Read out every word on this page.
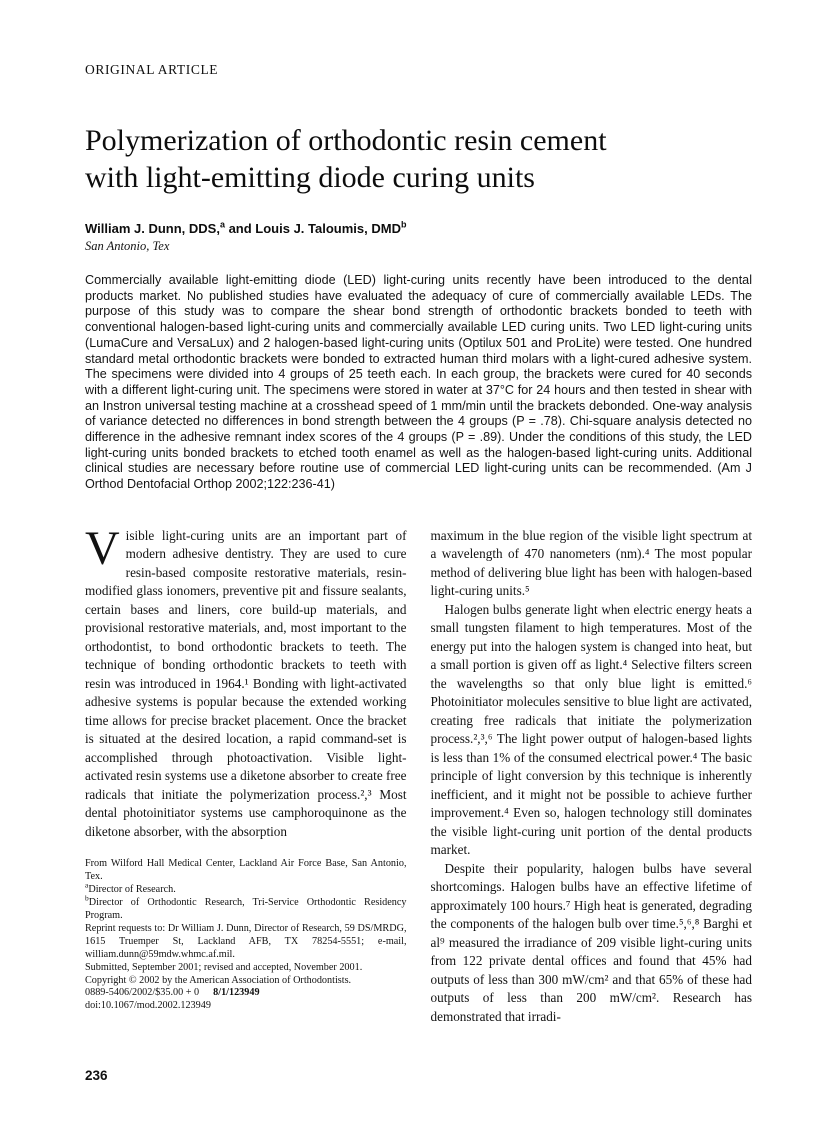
ORIGINAL ARTICLE
Polymerization of orthodontic resin cement
with light-emitting diode curing units
William J. Dunn, DDS,$^a$ and Louis J. Taloumis, DMD$^b$
San Antonio, Tex

Commercially available light-emitting diode (LED) light-curing units recently have been introduced to the dental products market. No published studies have evaluated the adequacy of cure of commercially available LEDs. The purpose of this study was to compare the shear bond strength of orthodontic brackets bonded to teeth with conventional halogen-based light-curing units and commercially available LED curing units. Two LED light-curing units (LumaCure and VersaLux) and 2 halogen-based light-curing units (Optilux 501 and ProLite) were tested. One hundred standard metal orthodontic brackets were bonded to extracted human third molars with a light-cured adhesive system. The specimens were divided into 4 groups of 25 teeth each. In each group, the brackets were cured for 40 seconds with a different light-curing unit. The specimens were stored in water at 37°C for 24 hours and then tested in shear with an Instron universal testing machine at a crosshead speed of 1 mm/min until the brackets debonded. One-way analysis of variance detected no differences in bond strength between the 4 groups (P = .78). Chi-square analysis detected no difference in the adhesive remnant index scores of the 4 groups (P = .89). Under the conditions of this study, the LED light-curing units bonded brackets to etched tooth enamel as well as the halogen-based light-curing units. Additional clinical studies are necessary before routine use of commercial LED light-curing units can be recommended. (Am J Orthod Dentofacial Orthop 2002;122:236-41)

Visible light-curing units are an important part of modern adhesive dentistry. They are used to cure resin-based composite restorative materials, resin-modified glass ionomers, preventive pit and fissure sealants, certain bases and liners, core build-up materials, and provisional restorative materials, and, most important to the orthodontist, to bond orthodontic brackets to teeth. The technique of bonding orthodontic brackets to teeth with resin was introduced in 1964.¹ Bonding with light-activated adhesive systems is popular because the extended working time allows for precise bracket placement. Once the bracket is situated at the desired location, a rapid command-set is accomplished through photoactivation. Visible light-activated resin systems use a diketone absorber to create free radicals that initiate the polymerization process.²,³ Most dental photoinitiator systems use camphoroquinone as the diketone absorber, with the absorption

From Wilford Hall Medical Center, Lackland Air Force Base, San Antonio, Tex.

$^a$Director of Research.

$^b$Director of Orthodontic Research, Tri-Service Orthodontic Residency Program.

Reprint requests to: Dr William J. Dunn, Director of Research, 59 DS/MRDG, 1615 Truemper St, Lackland AFB, TX 78254-5551; e-mail, william.dunn@59mdw.whmc.af.mil.

Submitted, September 2001; revised and accepted, November 2001.

Copyright © 2002 by the American Association of Orthodontists.

0889-5406/2002/$35.00 + 0 8/1/123949

doi:10.1067/mod.2002.123949

maximum in the blue region of the visible light spectrum at a wavelength of 470 nanometers (nm).⁴ The most popular method of delivering blue light has been with halogen-based light-curing units.⁵

Halogen bulbs generate light when electric energy heats a small tungsten filament to high temperatures. Most of the energy put into the halogen system is changed into heat, but a small portion is given off as light.⁴ Selective filters screen the wavelengths so that only blue light is emitted.⁶ Photoinitiator molecules sensitive to blue light are activated, creating free radicals that initiate the polymerization process.²,³,⁶ The light power output of halogen-based lights is less than 1% of the consumed electrical power.⁴ The basic principle of light conversion by this technique is inherently inefficient, and it might not be possible to achieve further improvement.⁴ Even so, halogen technology still dominates the visible light-curing unit portion of the dental products market.

Despite their popularity, halogen bulbs have several shortcomings. Halogen bulbs have an effective lifetime of approximately 100 hours.⁷ High heat is generated, degrading the components of the halogen bulb over time.⁵,⁶,⁸ Barghi et al⁹ measured the irradiance of 209 visible light-curing units from 122 private dental offices and found that 45% had outputs of less than 300 mW/cm² and that 65% of these had outputs of less than 200 mW/cm². Research has demonstrated that irradi-

236
